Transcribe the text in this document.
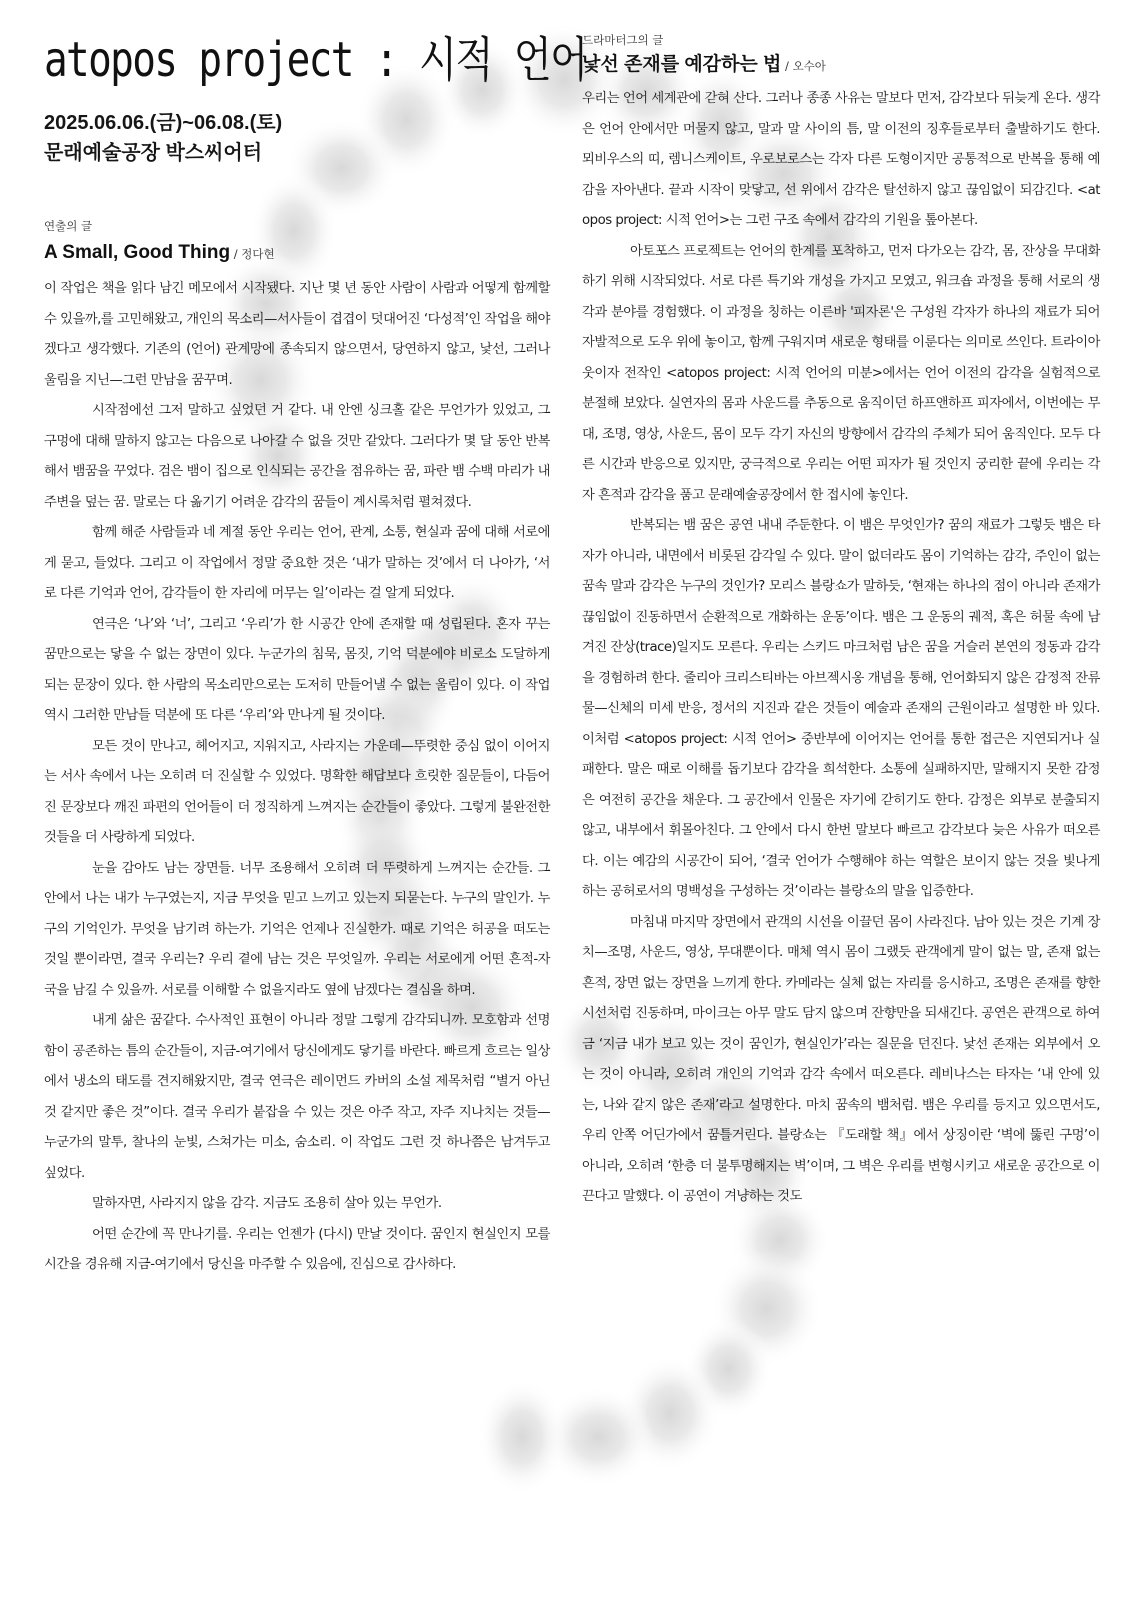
atopos project : 시적 언어
2025.06.06.(금)~06.08.(토)
문래예술공장 박스씨어터
연출의 글
A Small, Good Thing / 정다현

이 작업은 책을 읽다 남긴 메모에서 시작됐다. 지난 몇 년 동안 사람이 사람과 어떻게 함께할 수 있을까,를 고민해왔고, 개인의 목소리—서사들이 겹겹이 덧대어진 ‘다성적’인 작업을 해야겠다고 생각했다. 기존의 (언어) 관계망에 종속되지 않으면서, 당연하지 않고, 낯선, 그러나 울림을 지닌—그런 만남을 꿈꾸며.

시작점에선 그저 말하고 싶었던 거 같다. 내 안엔 싱크홀 같은 무언가가 있었고, 그 구멍에 대해 말하지 않고는 다음으로 나아갈 수 없을 것만 같았다. 그러다가 몇 달 동안 반복해서 뱀꿈을 꾸었다. 검은 뱀이 집으로 인식되는 공간을 점유하는 꿈, 파란 뱀 수백 마리가 내 주변을 덮는 꿈. 말로는 다 옮기기 어려운 감각의 꿈들이 계시록처럼 펼쳐졌다.

함께 해준 사람들과 네 계절 동안 우리는 언어, 관계, 소통, 현실과 꿈에 대해 서로에게 묻고, 들었다. 그리고 이 작업에서 정말 중요한 것은 ‘내가 말하는 것’에서 더 나아가, ‘서로 다른 기억과 언어, 감각들이 한 자리에 머무는 일’이라는 걸 알게 되었다.

연극은 ‘나’와 ‘너’, 그리고 ‘우리’가 한 시공간 안에 존재할 때 성립된다. 혼자 꾸는 꿈만으로는 닿을 수 없는 장면이 있다. 누군가의 침묵, 몸짓, 기억 덕분에야 비로소 도달하게 되는 문장이 있다. 한 사람의 목소리만으로는 도저히 만들어낼 수 없는 울림이 있다. 이 작업 역시 그러한 만남들 덕분에 또 다른 ‘우리’와 만나게 될 것이다.

모든 것이 만나고, 헤어지고, 지워지고, 사라지는 가운데—뚜렷한 중심 없이 이어지는 서사 속에서 나는 오히려 더 진실할 수 있었다. 명확한 해답보다 흐릿한 질문들이, 다듬어진 문장보다 깨진 파편의 언어들이 더 정직하게 느껴지는 순간들이 좋았다. 그렇게 불완전한 것들을 더 사랑하게 되었다.

눈을 감아도 남는 장면들. 너무 조용해서 오히려 더 뚜렷하게 느껴지는 순간들. 그 안에서 나는 내가 누구였는지, 지금 무엇을 믿고 느끼고 있는지 되묻는다. 누구의 말인가. 누구의 기억인가. 무엇을 남기려 하는가. 기억은 언제나 진실한가. 때로 기억은 허공을 떠도는 것일 뿐이라면, 결국 우리는? 우리 곁에 남는 것은 무엇일까. 우리는 서로에게 어떤 흔적-자국을 남길 수 있을까. 서로를 이해할 수 없을지라도 옆에 남겠다는 결심을 하며.

내게 삶은 꿈같다. 수사적인 표현이 아니라 정말 그렇게 감각되니까. 모호함과 선명함이 공존하는 틈의 순간들이, 지금-여기에서 당신에게도 닿기를 바란다. 빠르게 흐르는 일상에서 냉소의 태도를 견지해왔지만, 결국 연극은 레이먼드 카버의 소설 제목처럼 “별거 아닌 것 같지만 좋은 것”이다. 결국 우리가 붙잡을 수 있는 것은 아주 작고, 자주 지나치는 것들—누군가의 말투, 찰나의 눈빛, 스쳐가는 미소, 숨소리. 이 작업도 그런 것 하나쯤은 남겨두고 싶었다.

말하자면, 사라지지 않을 감각. 지금도 조용히 살아 있는 무언가.

어떤 순간에 꼭 만나기를. 우리는 언젠가 (다시) 만날 것이다. 꿈인지 현실인지 모를 시간을 경유해 지금-여기에서 당신을 마주할 수 있음에, 진심으로 감사하다.

드라마터그의 글
낯선 존재를 예감하는 법 / 오수아

우리는 언어 세계관에 갇혀 산다. 그러나 종종 사유는 말보다 먼저, 감각보다 뒤늦게 온다. 생각은 언어 안에서만 머물지 않고, 말과 말 사이의 틈, 말 이전의 징후들로부터 출발하기도 한다. 뫼비우스의 띠, 렘니스케이트, 우로보로스는 각자 다른 도형이지만 공통적으로 반복을 통해 예감을 자아낸다. 끝과 시작이 맞닿고, 선 위에서 감각은 탈선하지 않고 끊임없이 되감긴다. <atopos project: 시적 언어>는 그런 구조 속에서 감각의 기원을 톺아본다.

아토포스 프로젝트는 언어의 한계를 포착하고, 먼저 다가오는 감각, 몸, 잔상을 무대화하기 위해 시작되었다. 서로 다른 특기와 개성을 가지고 모였고, 워크숍 과정을 통해 서로의 생각과 분야를 경험했다. 이 과정을 칭하는 이른바 '피자론'은 구성원 각자가 하나의 재료가 되어 자발적으로 도우 위에 놓이고, 함께 구워지며 새로운 형태를 이룬다는 의미로 쓰인다. 트라이아웃이자 전작인 <atopos project: 시적 언어의 미분>에서는 언어 이전의 감각을 실험적으로 분절해 보았다. 실연자의 몸과 사운드를 추동으로 움직이던 하프앤하프 피자에서, 이번에는 무대, 조명, 영상, 사운드, 몸이 모두 각기 자신의 방향에서 감각의 주체가 되어 움직인다. 모두 다른 시간과 반응으로 있지만, 궁극적으로 우리는 어떤 피자가 될 것인지 궁리한 끝에 우리는 각자 흔적과 감각을 품고 문래예술공장에서 한 접시에 놓인다.

반복되는 뱀 꿈은 공연 내내 주둔한다. 이 뱀은 무엇인가? 꿈의 재료가 그렇듯 뱀은 타자가 아니라, 내면에서 비롯된 감각일 수 있다. 말이 없더라도 몸이 기억하는 감각, 주인이 없는 꿈속 말과 감각은 누구의 것인가? 모리스 블랑쇼가 말하듯, ‘현재는 하나의 점이 아니라 존재가 끊임없이 진동하면서 순환적으로 개화하는 운동’이다. 뱀은 그 운동의 궤적, 혹은 허물 속에 남겨진 잔상(trace)일지도 모른다. 우리는 스키드 마크처럼 남은 꿈을 거슬러 본연의 정동과 감각을 경험하려 한다. 줄리아 크리스티바는 아브젝시옹 개념을 통해, 언어화되지 않은 감정적 잔류물—신체의 미세 반응, 정서의 지진과 같은 것들이 예술과 존재의 근원이라고 설명한 바 있다. 이처럼 <atopos project: 시적 언어> 중반부에 이어지는 언어를 통한 접근은 지연되거나 실패한다. 말은 때로 이해를 돕기보다 감각을 희석한다. 소통에 실패하지만, 말해지지 못한 감정은 여전히 공간을 채운다. 그 공간에서 인물은 자기에 갇히기도 한다. 감정은 외부로 분출되지 않고, 내부에서 휘몰아친다. 그 안에서 다시 한번 말보다 빠르고 감각보다 늦은 사유가 떠오른다. 이는 예감의 시공간이 되어, ‘결국 언어가 수행해야 하는 역할은 보이지 않는 것을 빛나게 하는 공허로서의 명백성을 구성하는 것’이라는 블랑쇼의 말을 입증한다.

마침내 마지막 장면에서 관객의 시선을 이끌던 몸이 사라진다. 남아 있는 것은 기계 장치—조명, 사운드, 영상, 무대뿐이다. 매체 역시 몸이 그랬듯 관객에게 말이 없는 말, 존재 없는 흔적, 장면 없는 장면을 느끼게 한다. 카메라는 실체 없는 자리를 응시하고, 조명은 존재를 향한 시선처럼 진동하며, 마이크는 아무 말도 담지 않으며 잔향만을 되새긴다. 공연은 관객으로 하여금 ‘지금 내가 보고 있는 것이 꿈인가, 현실인가’라는 질문을 던진다. 낯선 존재는 외부에서 오는 것이 아니라, 오히려 개인의 기억과 감각 속에서 떠오른다. 레비나스는 타자는 ‘내 안에 있는, 나와 같지 않은 존재’라고 설명한다. 마치 꿈속의 뱀처럼. 뱀은 우리를 등지고 있으면서도, 우리 안쪽 어딘가에서 꿈틀거린다. 블랑쇼는 『도래할 책』에서 상징이란 ‘벽에 뚫린 구멍’이 아니라, 오히려 ‘한층 더 불투명해지는 벽’이며, 그 벽은 우리를 변형시키고 새로운 공간으로 이끈다고 말했다. 이 공연이 겨냥하는 것도
